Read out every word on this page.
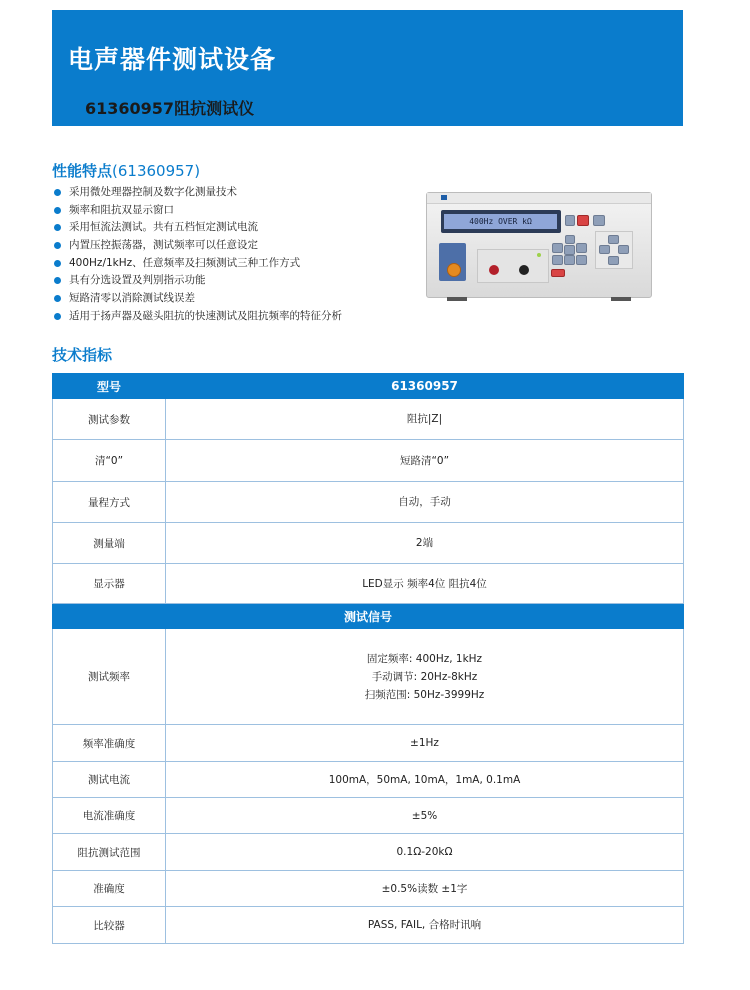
电声器件测试设备
61360957阻抗测试仪
性能特点(61360957)
采用微处理器控制及数字化测量技术
频率和阻抗双显示窗口
采用恒流法测试。共有五档恒定测试电流
内置压控振荡器，测试频率可以任意设定
400Hz/1kHz、任意频率及扫频测试三种工作方式
具有分选设置及判别指示功能
短路清零以消除测试线误差
适用于扬声器及磁头阻抗的快速测试及阻抗频率的特征分析
400Hz OVER kΩ
技术指标
型号	61360957
测试参数	阻抗|Z|

清“0”	短路清“0”

量程方式	自动，手动

测量端	2端

显示器	LED显示 频率4位 阻抗4位

测试信号	
测试频率	固定频率: 400Hz, 1kHz
手动调节: 20Hz-8kHz
扫频范围: 50Hz-3999Hz

频率准确度	±1Hz

测试电流	100mA，50mA, 10mA，1mA, 0.1mA

电流准确度	±5%

阻抗测试范围	0.1Ω-20kΩ

准确度	±0.5%读数 ±1字

比较器	PASS, FAIL, 合格时讯响
